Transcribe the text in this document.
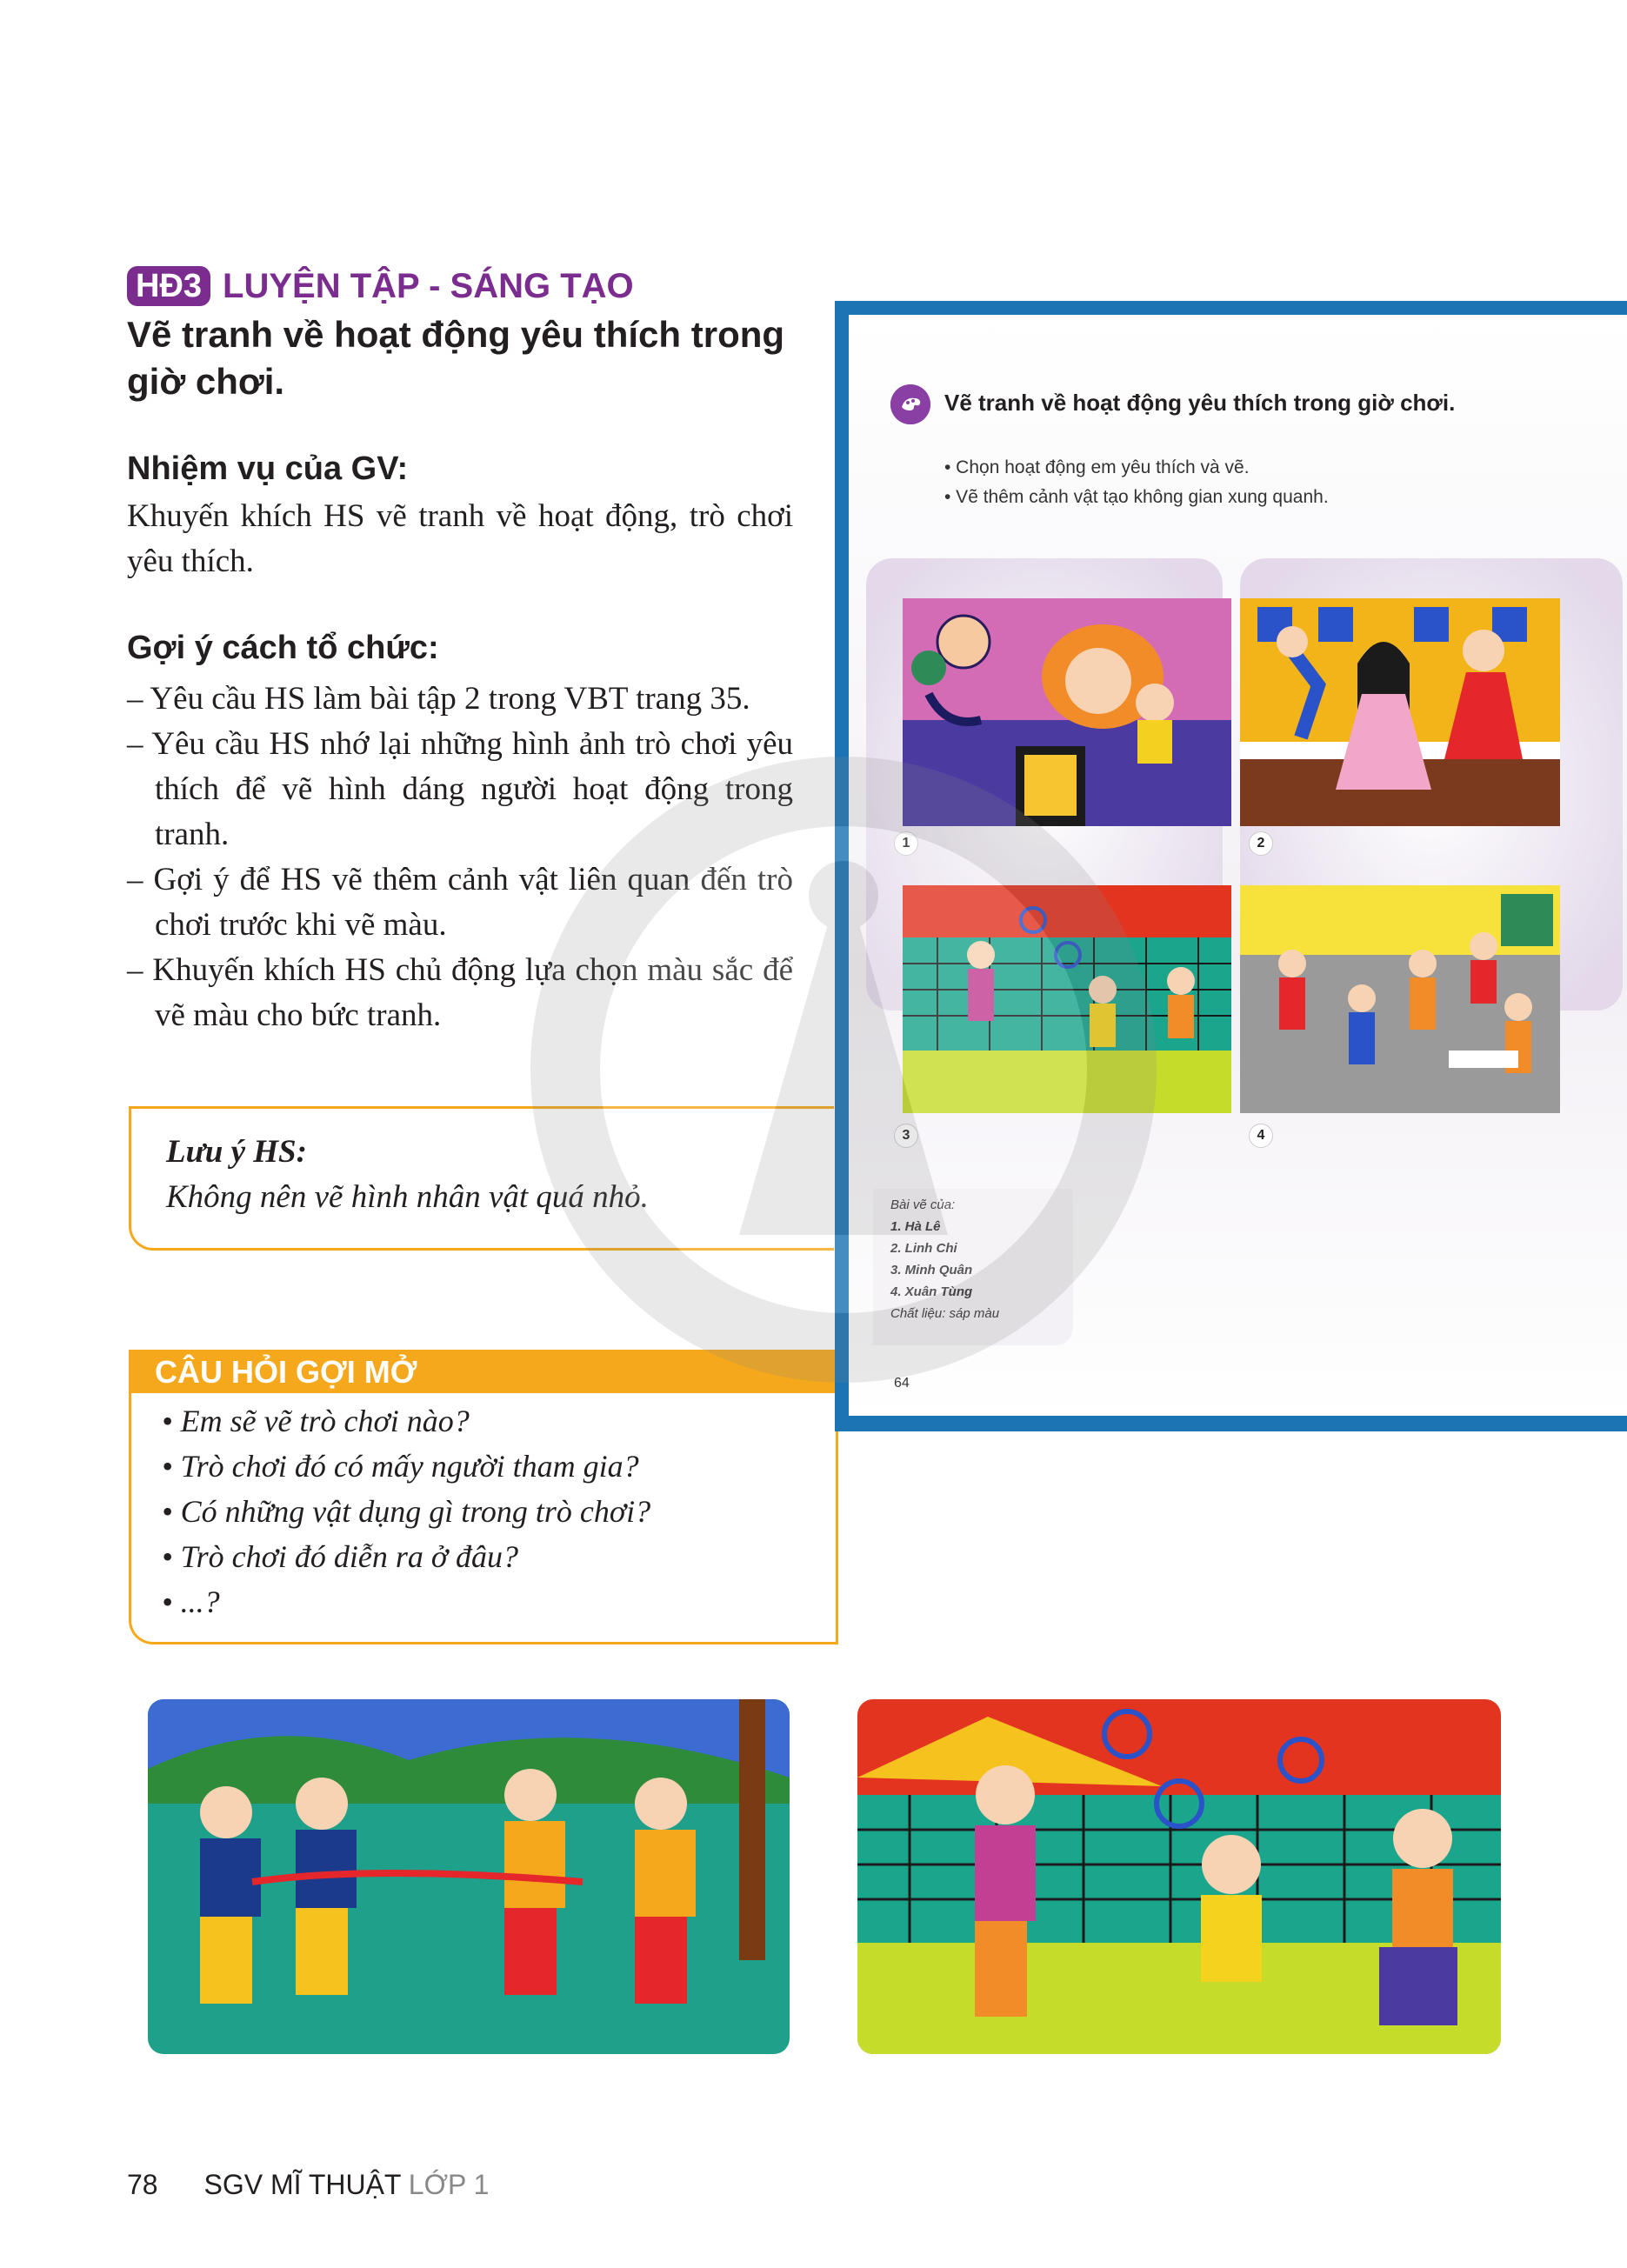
HĐ3 LUYỆN TẬP - SÁNG TẠO
Vẽ tranh về hoạt động yêu thích trong giờ chơi.
Nhiệm vụ của GV:
Khuyến khích HS vẽ tranh về hoạt động, trò chơi yêu thích.
Gợi ý cách tổ chức:
– Yêu cầu HS làm bài tập 2 trong VBT trang 35.
– Yêu cầu HS nhớ lại những hình ảnh trò chơi yêu thích để vẽ hình dáng người hoạt động trong tranh.
– Gợi ý để HS vẽ thêm cảnh vật liên quan đến trò chơi trước khi vẽ màu.
– Khuyến khích HS chủ động lựa chọn màu sắc để vẽ màu cho bức tranh.
Lưu ý HS:
Không nên vẽ hình nhân vật quá nhỏ.
CÂU HỎI GỢI MỞ
• Em sẽ vẽ trò chơi nào?
• Trò chơi đó có mấy người tham gia?
• Có những vật dụng gì trong trò chơi?
• Trò chơi đó diễn ra ở đâu?
• ...?
Vẽ tranh về hoạt động yêu thích trong giờ chơi.
• Chọn hoạt động em yêu thích và vẽ.
• Vẽ thêm cảnh vật tạo không gian xung quanh.
1	2
3	4
Bài vẽ của:
1. Hà Lê
2. Linh Chi
3. Minh Quân
4. Xuân Tùng
Chất liệu: sáp màu
64
78 SGV MĨ THUẬT LỚP 1
